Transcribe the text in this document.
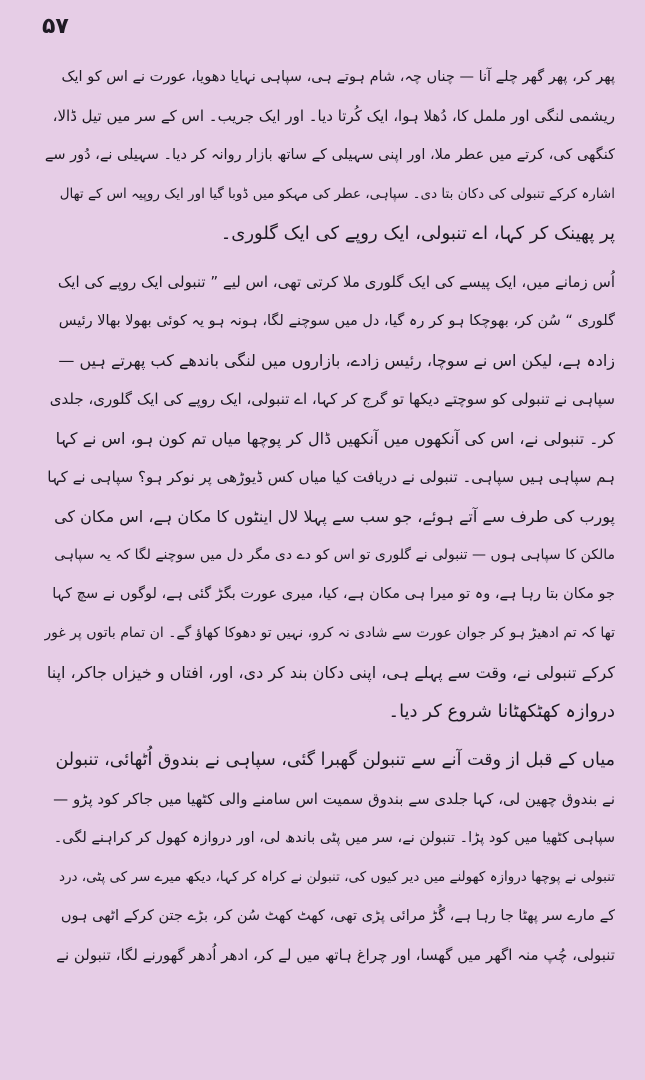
۵۷
پھر کر، پھر گھر چلے آنا — چناں چہ، شام ہوتے ہی، سپاہی نہایا دھویا، عورت نے اس کو ایک
ریشمی لنگی اور ململ کا، دُھلا ہوا، ایک کُرتا دیا۔ اور ایک جریب۔ اس کے سر میں تیل ڈالا،
کنگھی کی، کرتے میں عطر ملا، اور اپنی سہیلی کے ساتھ بازار روانہ کر دیا۔ سہیلی نے، دُور سے
اشارہ کرکے تنبولی کی دکان بتا دی۔ سپاہی، عطر کی مہکو میں ڈوبا گیا اور ایک روپیہ اس کے تھال
پر پھینک کر کہا، اے تنبولی، ایک روپے کی ایک گلوری۔
اُس زمانے میں، ایک پیسے کی ایک گلوری ملا کرتی تھی، اس لیے ” تنبولی ایک روپے کی ایک
گلوری “ سُن کر، بھوچکا ہو کر رہ گیا، دل میں سوچنے لگا، ہونہ ہو یہ کوئی بھولا بھالا رئیس
زادہ ہے، لیکن اس نے سوچا، رئیس زادے، بازاروں میں لنگی باندھے کب پھرتے ہیں —
سپاہی نے تنبولی کو سوچتے دیکھا تو گرج کر کہا، اے تنبولی، ایک روپے کی ایک گلوری، جلدی
کر۔ تنبولی نے، اس کی آنکھوں میں آنکھیں ڈال کر پوچھا میاں تم کون ہو، اس نے کہا
ہم سپاہی ہیں سپاہی۔ تنبولی نے دریافت کیا میاں کس ڈیوڑھی پر نوکر ہو؟ سپاہی نے کہا
پورب کی طرف سے آتے ہوئے، جو سب سے پہلا لال اینٹوں کا مکان ہے، اس مکان کی
مالکن کا سپاہی ہوں — تنبولی نے گلوری تو اس کو دے دی مگر دل میں سوچنے لگا کہ یہ سپاہی
جو مکان بتا رہا ہے، وہ تو میرا ہی مکان ہے، کیا، میری عورت بگڑ گئی ہے، لوگوں نے سچ کہا
تھا کہ تم ادھیڑ ہو کر جوان عورت سے شادی نہ کرو، نہیں تو دھوکا کھاؤ گے۔ ان تمام باتوں پر غور
کرکے تنبولی نے، وقت سے پہلے ہی، اپنی دکان بند کر دی، اور، افتاں و خیزاں جاکر، اپنا
دروازہ کھٹکھٹانا شروع کر دیا۔
میاں کے قبل از وقت آنے سے تنبولن گھبرا گئی، سپاہی نے بندوق اُٹھائی، تنبولن
نے بندوق چھین لی، کہا جلدی سے بندوق سمیت اس سامنے والی کٹھیا میں جاکر کود پڑو —
سپاہی کٹھیا میں کود پڑا۔ تنبولن نے، سر میں پٹی باندھ لی، اور دروازہ کھول کر کراہنے لگی۔
تنبولی نے پوچھا دروازہ کھولنے میں دیر کیوں کی، تنبولن نے کراہ کر کہا، دیکھ میرے سر کی پٹی، درد
کے مارے سر پھٹا جا رہا ہے، گُڑ مرائی پڑی تھی، کھٹ کھٹ سُن کر، بڑے جتن کرکے اٹھی ہوں
تنبولی، چُپ منہ اگھر میں گھسا، اور چراغ ہاتھ میں لے کر، ادھر اُدھر گھورنے لگا، تنبولن نے
